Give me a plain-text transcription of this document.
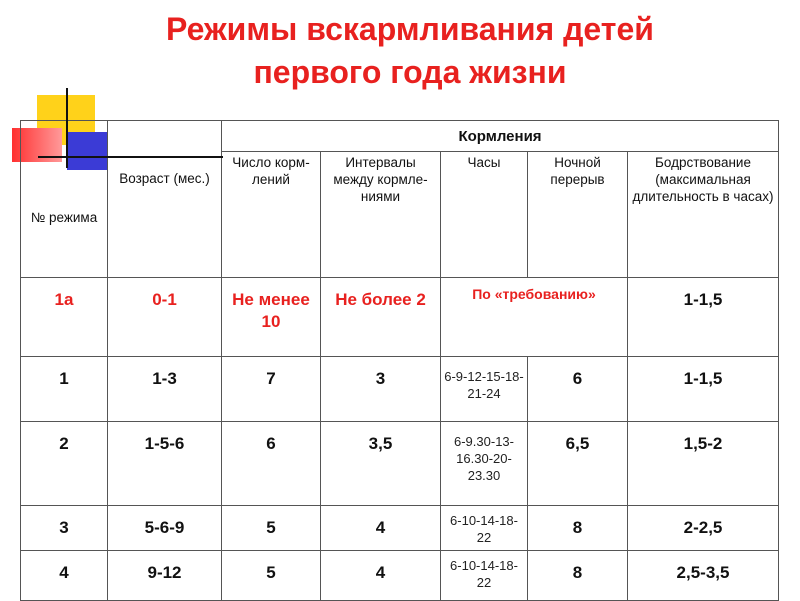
Режимы вскармливания детей
первого года жизни
№ режима	Возраст (мес.)	Кормления				
		Число корм-лений	Интервалы между кормле-ниями	Часы	Ночной перерыв	Бодрствование (максимальная длительность в часах)
1а	0-1	Не менее 10	Не более 2	По «требованию»		1-1,5
1	1-3	7	3	6-9-12-15-18-21-24	6	1-1,5
2	1-5-6	6	3,5	6-9.30-13-16.30-20-23.30	6,5	1,5-2
3	5-6-9	5	4	6-10-14-18-22	8	2-2,5
4	9-12	5	4	6-10-14-18-22	8	2,5-3,5
